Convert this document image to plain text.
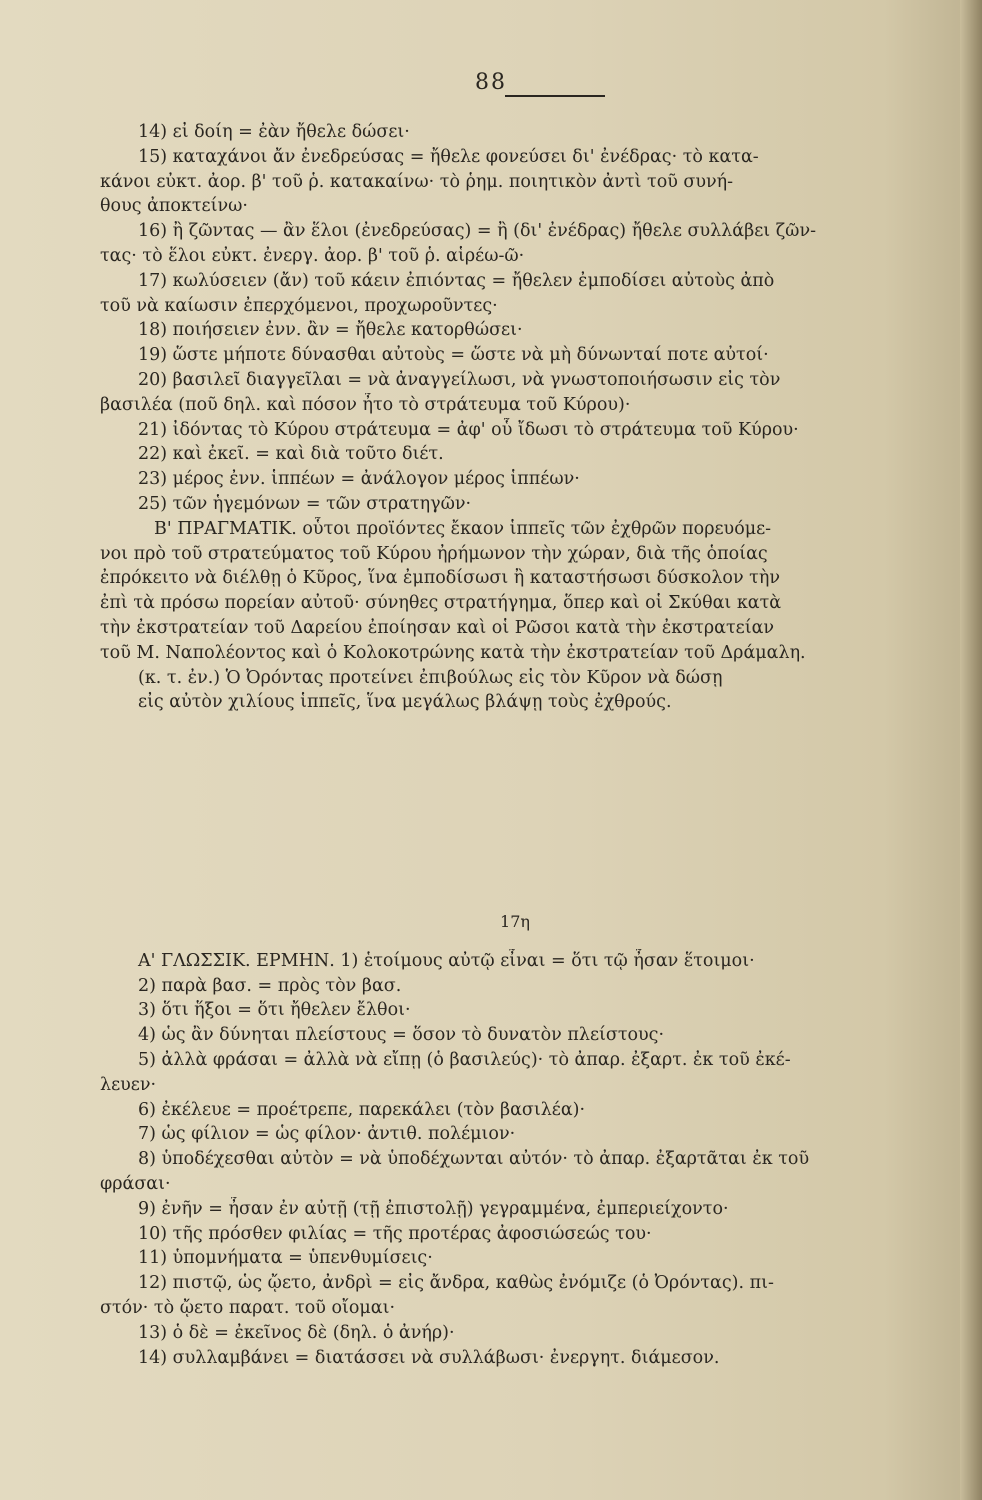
88
14) εἰ δοίη = ἐὰν ἤθελε δώσει·
15) καταχάνοι ἄν ἐνεδρεύσας = ἤθελε φονεύσει δι' ἐνέδρας· τὸ κατα-
κάνοι εὐκτ. ἀορ. β' τοῦ ῥ. κατακαίνω· τὸ ῥημ. ποιητικὸν ἀντὶ τοῦ συνή-
θους ἀποκτείνω·
16) ἢ ζῶντας — ἂν ἕλοι (ἐνεδρεύσας) = ἢ (δι' ἐνέδρας) ἤθελε συλλάβει ζῶν-
τας· τὸ ἕλοι εὐκτ. ἐνεργ. ἀορ. β' τοῦ ῥ. αἱρέω-ῶ·
17) κωλύσειεν (ἄν) τοῦ κάειν ἐπιόντας = ἤθελεν ἐμποδίσει αὐτοὺς ἀπὸ
τοῦ νὰ καίωσιν ἐπερχόμενοι, προχωροῦντες·
18) ποιήσειεν ἐνν. ἂν = ἤθελε κατορθώσει·
19) ὥστε μήποτε δύνασθαι αὐτοὺς = ὥστε νὰ μὴ δύνωνταί ποτε αὐτοί·
20) βασιλεῖ διαγγεῖλαι = νὰ ἀναγγείλωσι, νὰ γνωστοποιήσωσιν εἰς τὸν
βασιλέα (ποῦ δηλ. καὶ πόσον ἦτο τὸ στράτευμα τοῦ Κύρου)·
21) ἰδόντας τὸ Κύρου στράτευμα = ἀφ' οὗ ἴδωσι τὸ στράτευμα τοῦ Κύρου·
22) καὶ ἐκεῖ. = καὶ διὰ τοῦτο διέτ.
23) μέρος ἐνν. ἱππέων = ἀνάλογον μέρος ἱππέων·
25) τῶν ἡγεμόνων = τῶν στρατηγῶν·
Β' ΠΡΑΓΜΑΤΙΚ. οὗτοι προϊόντες ἔκαον ἱππεῖς τῶν ἐχθρῶν πορευόμε-
νοι πρὸ τοῦ στρατεύματος τοῦ Κύρου ἠρήμωνον τὴν χώραν, διὰ τῆς ὁποίας
ἐπρόκειτο νὰ διέλθῃ ὁ Κῦρος, ἵνα ἐμποδίσωσι ἢ καταστήσωσι δύσκολον τὴν
ἐπὶ τὰ πρόσω πορείαν αὐτοῦ· σύνηθες στρατήγημα, ὅπερ καὶ οἱ Σκύθαι κατὰ
τὴν ἐκστρατείαν τοῦ Δαρείου ἐποίησαν καὶ οἱ Ρῶσοι κατὰ τὴν ἐκστρατείαν
τοῦ Μ. Ναπολέοντος καὶ ὁ Κολοκοτρώνης κατὰ τὴν ἐκστρατείαν τοῦ Δράμαλη.
(κ. τ. ἐν.) Ὁ Ὀρόντας προτείνει ἐπιβούλως εἰς τὸν Κῦρον νὰ δώσῃ
εἰς αὐτὸν χιλίους ἱππεῖς, ἵνα μεγάλως βλάψῃ τοὺς ἐχθρούς.
17η
Α' ΓΛΩΣΣΙΚ. ΕΡΜΗΝ. 1) ἑτοίμους αὐτῷ εἶναι = ὅτι τῷ ἦσαν ἕτοιμοι·
2) παρὰ βασ. = πρὸς τὸν βασ.
3) ὅτι ἥξοι = ὅτι ἤθελεν ἔλθοι·
4) ὡς ἂν δύνηται πλείστους = ὅσον τὸ δυνατὸν πλείστους·
5) ἀλλὰ φράσαι = ἀλλὰ νὰ εἴπῃ (ὁ βασιλεύς)· τὸ ἀπαρ. ἐξαρτ. ἐκ τοῦ ἐκέ-
λευεν·
6) ἐκέλευε = προέτρεπε, παρεκάλει (τὸν βασιλέα)·
7) ὡς φίλιον = ὡς φίλον· ἀντιθ. πολέμιον·
8) ὑποδέχεσθαι αὐτὸν = νὰ ὑποδέχωνται αὐτόν· τὸ ἀπαρ. ἐξαρτᾶται ἐκ τοῦ
φράσαι·
9) ἐνῆν = ἦσαν ἐν αὐτῇ (τῇ ἐπιστολῇ) γεγραμμένα, ἐμπεριείχοντο·
10) τῆς πρόσθεν φιλίας = τῆς προτέρας ἀφοσιώσεώς του·
11) ὑπομνήματα = ὑπενθυμίσεις·
12) πιστῷ, ὡς ᾤετο, ἀνδρὶ = εἰς ἄνδρα, καθὼς ἐνόμιζε (ὁ Ὀρόντας). πι-
στόν· τὸ ᾤετο παρατ. τοῦ οἴομαι·
13) ὁ δὲ = ἐκεῖνος δὲ (δηλ. ὁ ἀνήρ)·
14) συλλαμβάνει = διατάσσει νὰ συλλάβωσι· ἐνεργητ. διάμεσον.
